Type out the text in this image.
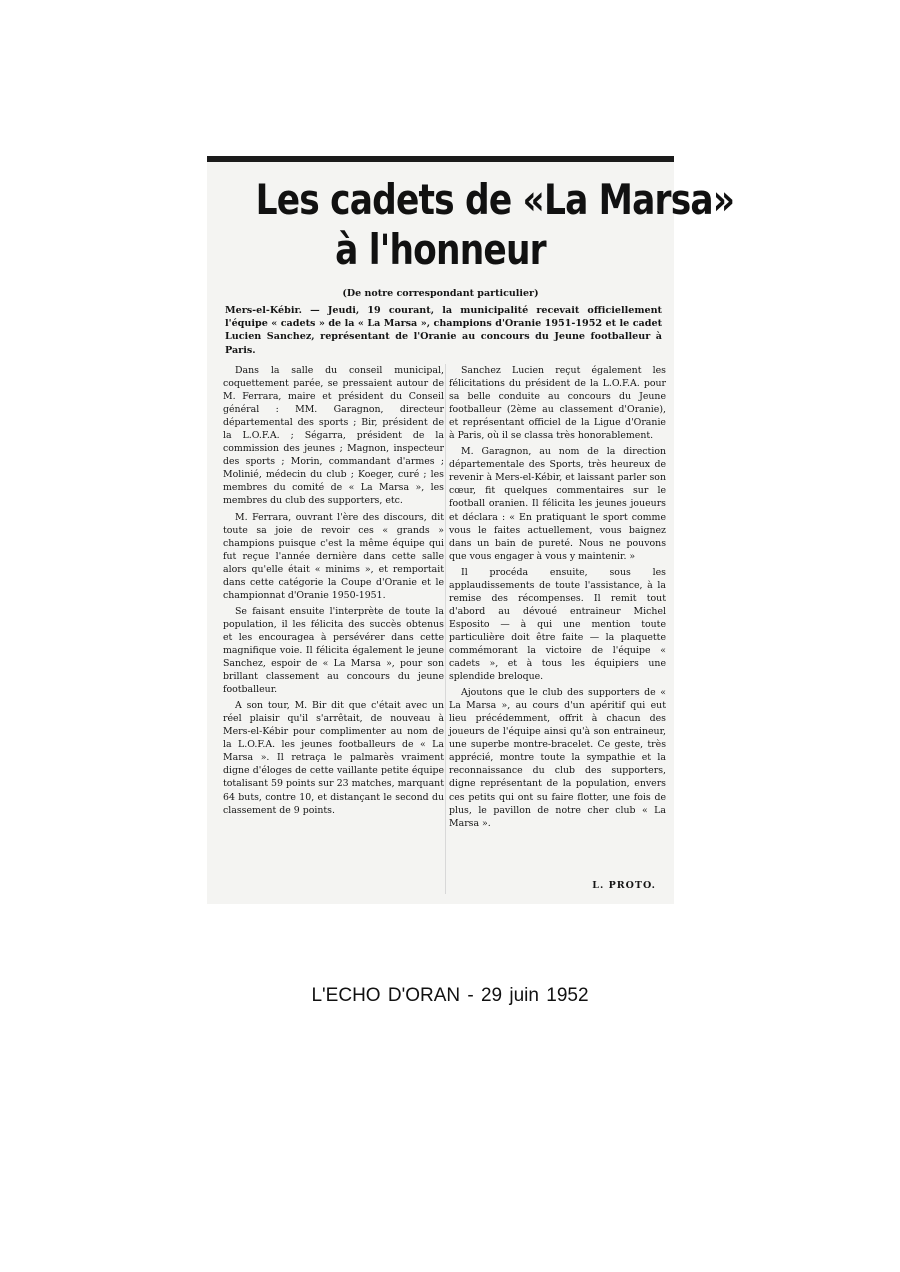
Les cadets de «La Marsa»
à l'honneur
(De notre correspondant particulier)
Mers-el-Kébir. — Jeudi, 19 courant, la municipalité recevait officiellement l'équipe « cadets » de la « La Marsa », champions d'Oranie 1951-1952 et le cadet Lucien Sanchez, représentant de l'Oranie au concours du Jeune footballeur à Paris.

Dans la salle du conseil municipal, coquettement parée, se pressaient autour de M. Ferrara, maire et président du Conseil général : MM. Garagnon, directeur départemental des sports ; Bir, président de la L.O.F.A. ; Ségarra, président de la commission des jeunes ; Magnon, inspecteur des sports ; Morin, commandant d'armes ; Molinié, médecin du club ; Koeger, curé ; les membres du comité de « La Marsa », les membres du club des supporters, etc.

M. Ferrara, ouvrant l'ère des discours, dit toute sa joie de revoir ces « grands » champions puisque c'est la même équipe qui fut reçue l'année dernière dans cette salle alors qu'elle était « minims », et remportait dans cette catégorie la Coupe d'Oranie et le championnat d'Oranie 1950-1951.

Se faisant ensuite l'interprète de toute la population, il les félicita des succès obtenus et les encouragea à persévérer dans cette magnifique voie. Il félicita également le jeune Sanchez, espoir de « La Marsa », pour son brillant classement au concours du jeune footballeur.

A son tour, M. Bir dit que c'était avec un réel plaisir qu'il s'arrêtait, de nouveau à Mers-el-Kébir pour complimenter au nom de la L.O.F.A. les jeunes footballeurs de « La Marsa ». Il retraça le palmarès vraiment digne d'éloges de cette vaillante petite équipe totalisant 59 points sur 23 matches, marquant 64 buts, contre 10, et distançant le second du classement de 9 points.

Sanchez Lucien reçut également les félicitations du président de la L.O.F.A. pour sa belle conduite au concours du Jeune footballeur (2ème au classement d'Oranie), et représentant officiel de la Ligue d'Oranie à Paris, où il se classa très honorablement.

M. Garagnon, au nom de la direction départementale des Sports, très heureux de revenir à Mers-el-Kébir, et laissant parler son cœur, fit quelques commentaires sur le football oranien. Il félicita les jeunes joueurs et déclara : « En pratiquant le sport comme vous le faites actuellement, vous baignez dans un bain de pureté. Nous ne pouvons que vous engager à vous y maintenir. »

Il procéda ensuite, sous les applaudissements de toute l'assistance, à la remise des récompenses. Il remit tout d'abord au dévoué entraineur Michel Esposito — à qui une mention toute particulière doit être faite — la plaquette commémorant la victoire de l'équipe « cadets », et à tous les équipiers une splendide breloque.

Ajoutons que le club des supporters de « La Marsa », au cours d'un apéritif qui eut lieu précédemment, offrit à chacun des joueurs de l'équipe ainsi qu'à son entraineur, une superbe montre-bracelet. Ce geste, très apprécié, montre toute la sympathie et la reconnaissance du club des supporters, digne représentant de la population, envers ces petits qui ont su faire flotter, une fois de plus, le pavillon de notre cher club « La Marsa ».

L. PROTO.
L'ECHO D'ORAN - 29 juin 1952
